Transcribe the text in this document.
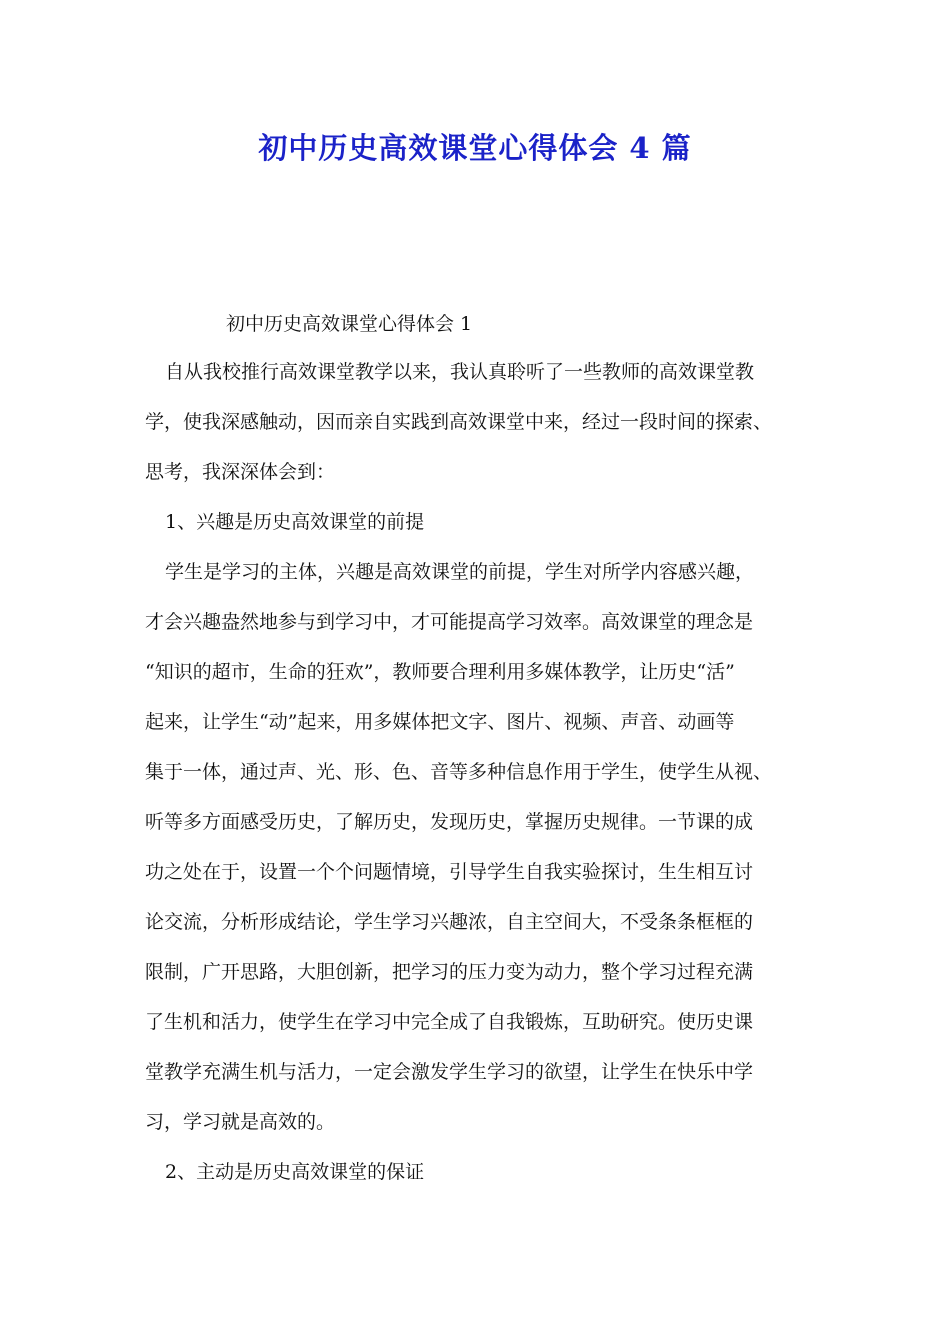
初中历史高效课堂心得体会 4 篇
初中历史高效课堂心得体会 1
自从我校推行高效课堂教学以来，我认真聆听了一些教师的高效课堂教
学，使我深感触动，因而亲自实践到高效课堂中来，经过一段时间的探索、
思考，我深深体会到：
1、兴趣是历史高效课堂的前提
学生是学习的主体，兴趣是高效课堂的前提，学生对所学内容感兴趣，
才会兴趣盎然地参与到学习中，才可能提高学习效率。高效课堂的理念是
“知识的超市，生命的狂欢”，教师要合理利用多媒体教学，让历史“活”
起来，让学生“动”起来，用多媒体把文字、图片、视频、声音、动画等
集于一体，通过声、光、形、色、音等多种信息作用于学生，使学生从视、
听等多方面感受历史，了解历史，发现历史，掌握历史规律。一节课的成
功之处在于，设置一个个问题情境，引导学生自我实验探讨，生生相互讨
论交流，分析形成结论，学生学习兴趣浓，自主空间大，不受条条框框的
限制，广开思路，大胆创新，把学习的压力变为动力，整个学习过程充满
了生机和活力，使学生在学习中完全成了自我锻炼，互助研究。使历史课
堂教学充满生机与活力，一定会激发学生学习的欲望，让学生在快乐中学
习，学习就是高效的。
2、主动是历史高效课堂的保证
